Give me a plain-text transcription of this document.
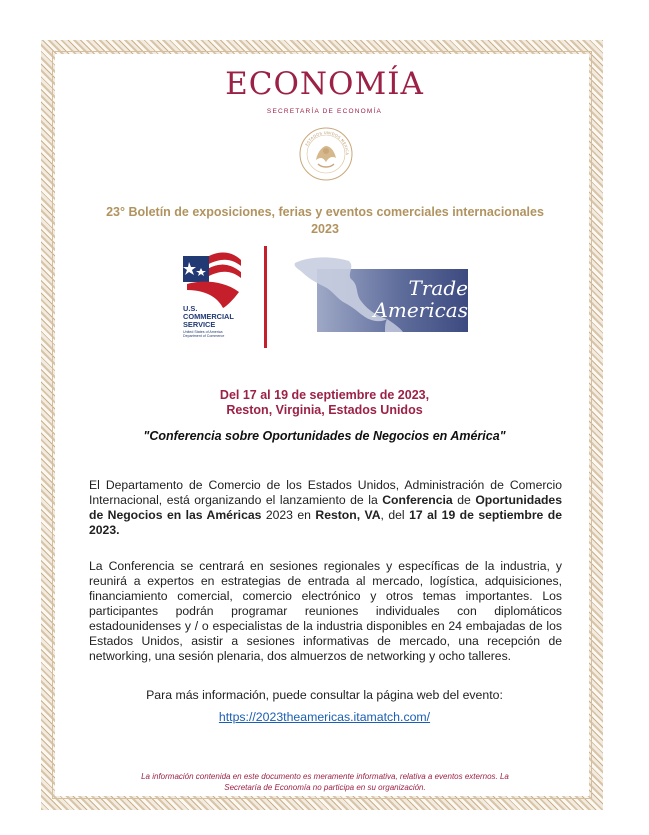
ECONOMÍA
SECRETARÍA DE ECONOMÍA
ESTADOS UNIDOS MEXICA
23° Boletín de exposiciones, ferias y eventos comerciales internacionales
2023
U.S.
COMMERCIAL
SERVICE
United States of America
Department of Commerce
Trade
Americas
Del 17 al 19 de septiembre de 2023,
Reston, Virginia, Estados Unidos
"Conferencia sobre Oportunidades de Negocios en América"
El Departamento de Comercio de los Estados Unidos, Administración de Comercio Internacional, está organizando el lanzamiento de la Conferencia de Oportunidades de Negocios en las Américas 2023 en Reston, VA, del 17 al 19 de septiembre de 2023.
La Conferencia se centrará en sesiones regionales y específicas de la industria, y reunirá a expertos en estrategias de entrada al mercado, logística, adquisiciones, financiamiento comercial, comercio electrónico y otros temas importantes. Los participantes podrán programar reuniones individuales con diplomáticos estadounidenses y / o especialistas de la industria disponibles en 24 embajadas de los Estados Unidos, asistir a sesiones informativas de mercado, una recepción de networking, una sesión plenaria, dos almuerzos de networking y ocho talleres.
Para más información, puede consultar la página web del evento:
https://2023theamericas.itamatch.com/
La información contenida en este documento es meramente informativa, relativa a eventos externos. La
Secretaría de Economía no participa en su organización.
